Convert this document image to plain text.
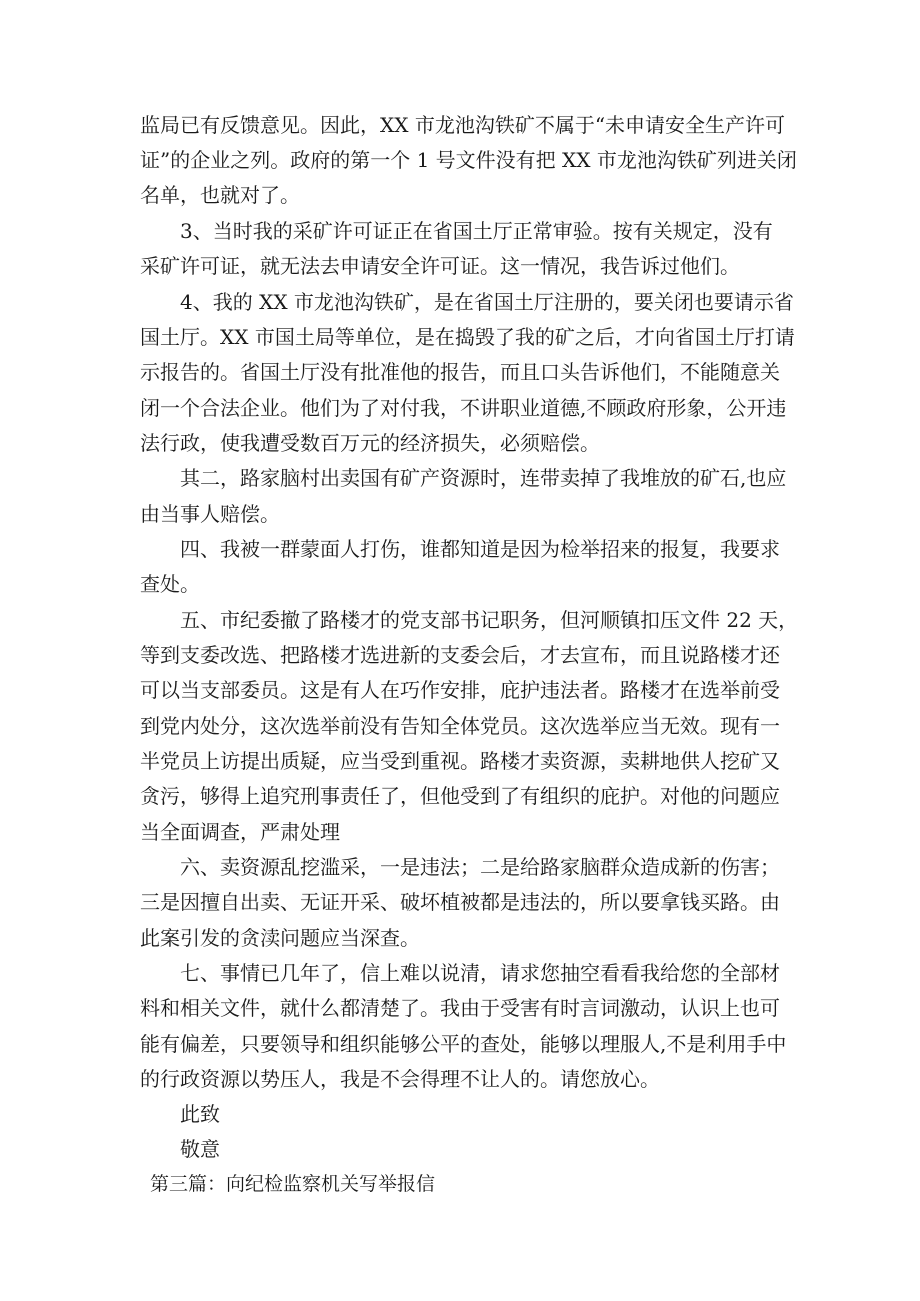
监局已有反馈意见。因此，XX 市龙池沟铁矿不属于“未申请安全生产许可
证”的企业之列。政府的第一个 1 号文件没有把 XX 市龙池沟铁矿列进关闭
名单，也就对了。
3、当时我的采矿许可证正在省国土厅正常审验。按有关规定，没有
采矿许可证，就无法去申请安全许可证。这一情况，我告诉过他们。
4、我的 XX 市龙池沟铁矿，是在省国土厅注册的，要关闭也要请示省
国土厅。XX 市国土局等单位，是在捣毁了我的矿之后，才向省国土厅打请
示报告的。省国土厅没有批准他的报告，而且口头告诉他们，不能随意关
闭一个合法企业。他们为了对付我，不讲职业道德,不顾政府形象，公开违
法行政，使我遭受数百万元的经济损失，必须赔偿。
其二，路家脑村出卖国有矿产资源时，连带卖掉了我堆放的矿石,也应
由当事人赔偿。
四、我被一群蒙面人打伤，谁都知道是因为检举招来的报复，我要求
查处。
五、市纪委撤了路楼才的党支部书记职务，但河顺镇扣压文件 22 天，
等到支委改选、把路楼才选进新的支委会后，才去宣布，而且说路楼才还
可以当支部委员。这是有人在巧作安排，庇护违法者。路楼才在选举前受
到党内处分，这次选举前没有告知全体党员。这次选举应当无效。现有一
半党员上访提出质疑，应当受到重视。路楼才卖资源，卖耕地供人挖矿又
贪污，够得上追究刑事责任了，但他受到了有组织的庇护。对他的问题应
当全面调查，严肃处理
六、卖资源乱挖滥采，一是违法；二是给路家脑群众造成新的伤害；
三是因擅自出卖、无证开采、破坏植被都是违法的，所以要拿钱买路。由
此案引发的贪渎问题应当深查。
七、事情已几年了，信上难以说清，请求您抽空看看我给您的全部材
料和相关文件，就什么都清楚了。我由于受害有时言词激动，认识上也可
能有偏差，只要领导和组织能够公平的查处，能够以理服人,不是利用手中
的行政资源以势压人，我是不会得理不让人的。请您放心。
此致
敬意
第三篇：向纪检监察机关写举报信
